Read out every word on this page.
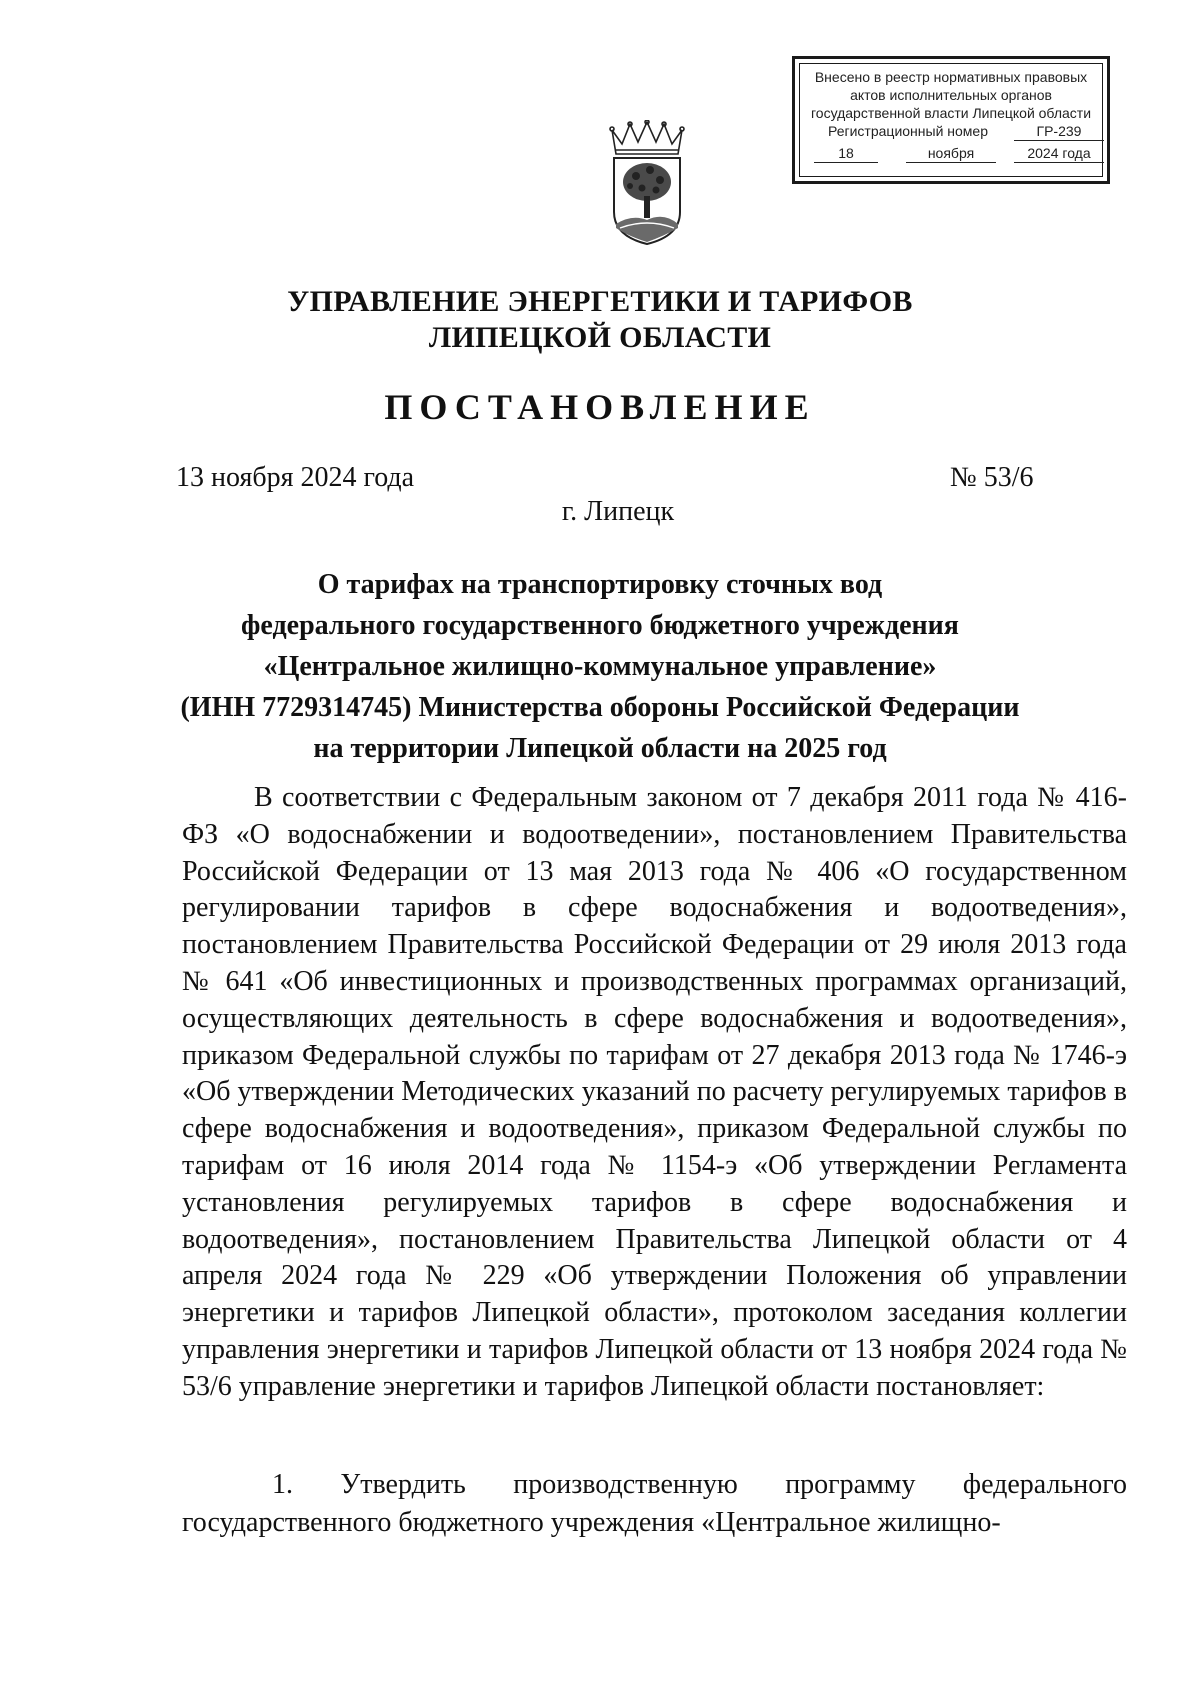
Внесено в реестр нормативных правовых
актов исполнительных органов
государственной власти Липецкой области
Регистрационный номер	ГР-239
18	ноября	2024 года
УПРАВЛЕНИЕ ЭНЕРГЕТИКИ И ТАРИФОВ
ЛИПЕЦКОЙ ОБЛАСТИ
ПОСТАНОВЛЕНИЕ
13 ноября 2024 года	№ 53/6
г. Липецк
О тарифах на транспортировку сточных вод
федерального государственного бюджетного учреждения
«Центральное жилищно-коммунальное управление»
(ИНН 7729314745) Министерства обороны Российской Федерации
на территории Липецкой области на 2025 год
В соответствии с Федеральным законом от 7 декабря 2011 года № 416-ФЗ «О водоснабжении и водоотведении», постановлением Правительства Российской Федерации от 13 мая 2013 года № 406 «О государственном регулировании тарифов в сфере водоснабжения и водоотведения», постановлением Правительства Российской Федерации от 29 июля 2013 года № 641 «Об инвестиционных и производственных программах организаций, осуществляющих деятельность в сфере водоснабжения и водоотведения», приказом Федеральной службы по тарифам от 27 декабря 2013 года № 1746-э «Об утверждении Методических указаний по расчету регулируемых тарифов в сфере водоснабжения и водоотведения», приказом Федеральной службы по тарифам от 16 июля 2014 года № 1154-э «Об утверждении Регламента установления регулируемых тарифов в сфере водоснабжения и водоотведения», постановлением Правительства Липецкой области от 4 апреля 2024 года № 229 «Об утверждении Положения об управлении энергетики и тарифов Липецкой области», протоколом заседания коллегии управления энергетики и тарифов Липецкой области от 13 ноября 2024 года № 53/6 управление энергетики и тарифов Липецкой области постановляет:
1. Утвердить производственную программу федерального государственного бюджетного учреждения «Центральное жилищно-
